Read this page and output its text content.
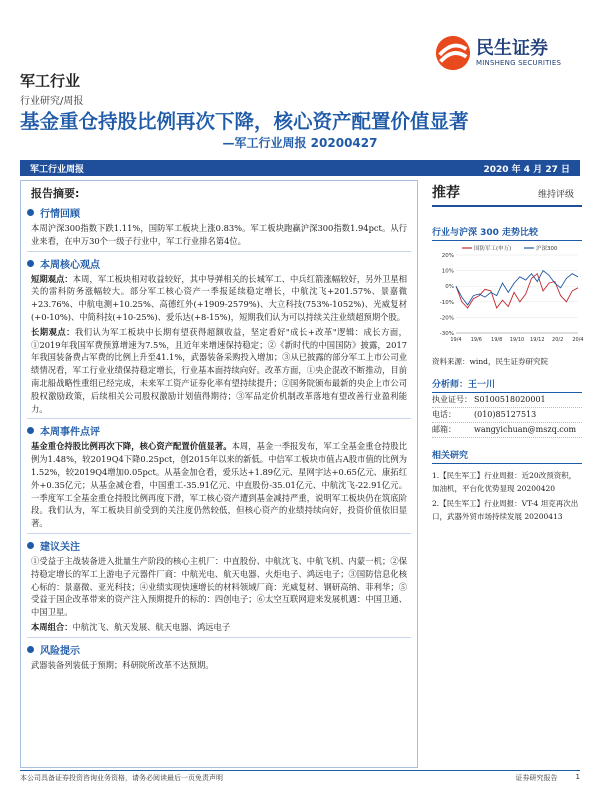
民生证券
MINSHENG SECURITIES
军工行业
行业研究/周报
基金重仓持股比例再次下降，核心资产配置价值显著
—军工行业周报 20200427
军工行业周报	2020 年 4 月 27 日
报告摘要:
行情回顾
本周沪深300指数下跌1.11%，国防军工板块上涨0.83%。军工板块跑赢沪深300指数1.94pct。从行业来看，在申万30个一级子行业中，军工行业排名第4位。
本周核心观点
短期观点：本周，军工板块相对收益较好，其中导弹相关的长城军工、中兵红箭涨幅较好，另外卫星相关的雷科防务涨幅较大。部分军工核心资产一季报延续稳定增长，中航沈飞+201.57%、景嘉微+23.76%、中航电测+10.25%、高德红外(+1909-2579%)、大立科技(753%-1052%)、光威复材(+0-10%)、中简科技(+10-25%)、爱乐达(+8-15%)，短期我们认为可以持续关注业绩超预期个股。
长期观点：我们认为军工板块中长期有望获得超额收益，坚定看好"成长+改革"逻辑：成长方面，①2019年我国军费预算增速为7.5%，且近年来增速保持稳定；②《新时代的中国国防》披露，2017年我国装备费占军费的比例上升至41.1%，武器装备采购投入增加；③从已披露的部分军工上市公司业绩情况看，军工行业业绩保持稳定增长，行业基本面持续向好。改革方面，①央企混改不断推动，目前南北船战略性重组已经完成，未来军工资产证券化率有望持续提升；②国务院颁布最新的央企上市公司股权激励政策，后续相关公司股权激励计划值得期待；③军品定价机制改革落地有望改善行业盈利能力。
本周事件点评
基金重仓持股比例再次下降，核心资产配置价值显著。本周，基金一季报发布，军工全基金重仓持股比例为1.48%，较2019Q4下降0.25pct，创2015年以来的新低。中信军工板块市值占A股市值的比例为1.52%，较2019Q4增加0.05pct。从基金加仓看，爱乐达+1.89亿元、星网宇达+0.65亿元、康拓红外+0.35亿元；从基金减仓看，中国重工-35.91亿元、中直股份-35.01亿元、中航沈飞-22.91亿元。一季度军工全基金重仓持股比例再度下滑，军工核心资产遭到基金减持严重，说明军工板块仍在筑底阶段。我们认为，军工板块目前受到的关注度仍然较低，但核心资产的业绩持续向好，投资价值依旧显著。
建议关注
①受益于主战装备进入批量生产阶段的核心主机厂：中直股份、中航沈飞、中航飞机、内蒙一机；②保持稳定增长的军工上游电子元器件厂商：中航光电、航天电器、火炬电子、鸿远电子；③国防信息化核心标的：景嘉微、亚光科技；④业绩实现快速增长的材料领域厂商：光威复材、钢研高纳、菲利华；⑤受益于国企改革带来的资产注入预期提升的标的：四创电子；⑥太空互联网迎来发展机遇：中国卫通、中国卫星。
本周组合：中航沈飞、航天发展、航天电器、鸿远电子
风险提示
武器装备列装低于预期；科研院所改革不达预期。
推荐	维持评级
行业与沪深 300 走势比较
20%
10%
0%
-10%
-20%
-30%
19/4 19/6 19/8 19/10 19/12 20/2 20/4
国防军工(申万)	沪深300
资料来源：wind，民生证券研究院
分析师：王一川
执业证号： S0100518020001
电话：	(010)85127513
邮箱：	wangyichuan@mszq.com
相关研究
1.【民生军工】行业周报：近20改预资积，加油机，平台化优势显现 20200420
2.【民生军工】行业周报：VT-4 坦克再次出口，武器外贸市场持续发展 20200413
本公司具备证券投资咨询业务资格，请务必阅读最后一页免责声明	证券研究报告	1
